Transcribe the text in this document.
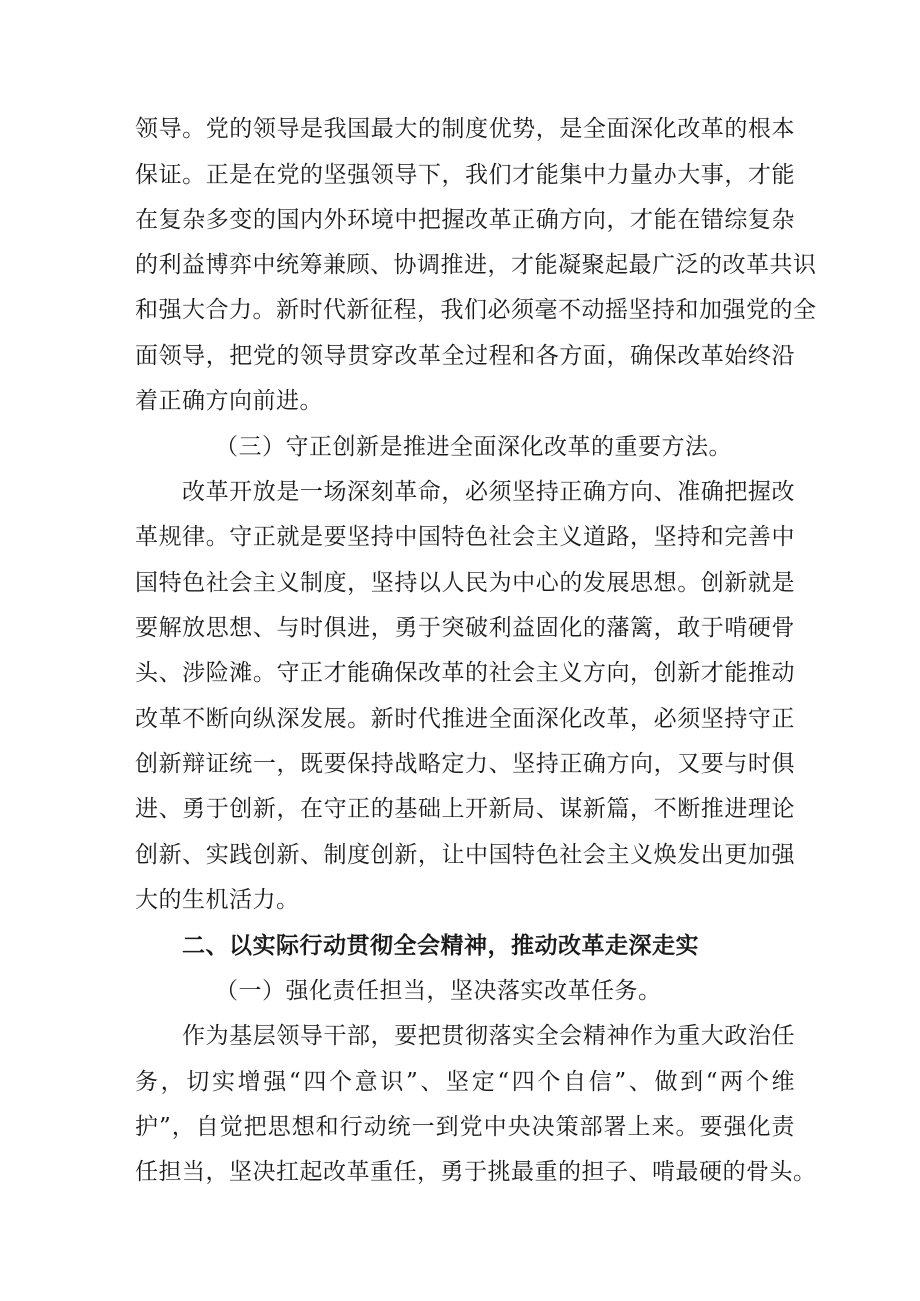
领导。党的领导是我国最大的制度优势，是全面深化改革的根本
保证。正是在党的坚强领导下，我们才能集中力量办大事，才能
在复杂多变的国内外环境中把握改革正确方向，才能在错综复杂
的利益博弈中统筹兼顾、协调推进，才能凝聚起最广泛的改革共识
和强大合力。新时代新征程，我们必须毫不动摇坚持和加强党的全
面领导，把党的领导贯穿改革全过程和各方面，确保改革始终沿
着正确方向前进。
（三）守正创新是推进全面深化改革的重要方法。
改革开放是一场深刻革命，必须坚持正确方向、准确把握改
革规律。守正就是要坚持中国特色社会主义道路，坚持和完善中
国特色社会主义制度，坚持以人民为中心的发展思想。创新就是
要解放思想、与时俱进，勇于突破利益固化的藩篱，敢于啃硬骨
头、涉险滩。守正才能确保改革的社会主义方向，创新才能推动
改革不断向纵深发展。新时代推进全面深化改革，必须坚持守正
创新辩证统一，既要保持战略定力、坚持正确方向，又要与时俱
进、勇于创新，在守正的基础上开新局、谋新篇，不断推进理论
创新、实践创新、制度创新，让中国特色社会主义焕发出更加强
大的生机活力。
二、以实际行动贯彻全会精神，推动改革走深走实
（一）强化责任担当，坚决落实改革任务。
作为基层领导干部，要把贯彻落实全会精神作为重大政治任
务，切实增强“四个意识”、坚定“四个自信”、做到“两个维
护”，自觉把思想和行动统一到党中央决策部署上来。要强化责
任担当，坚决扛起改革重任，勇于挑最重的担子、啃最硬的骨头。
